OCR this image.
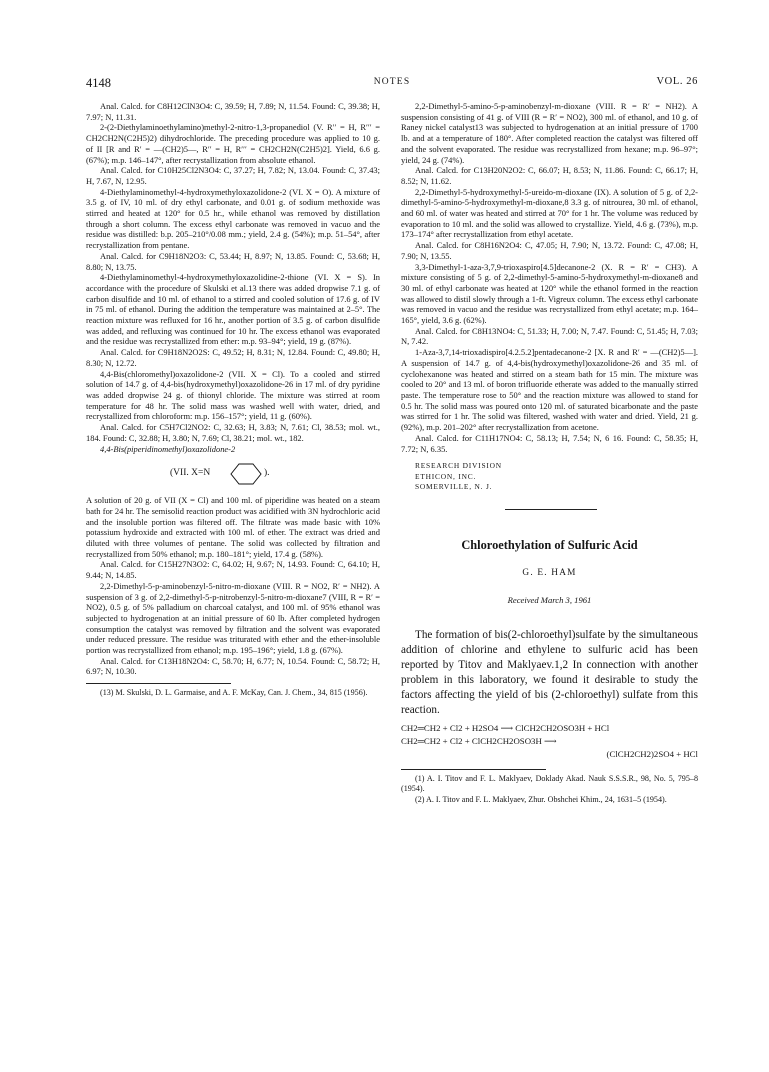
4148	NOTES	VOL. 26

Anal. Calcd. for C8H12ClN3O4: C, 39.59; H, 7.89; N, 11.54. Found: C, 39.38; H, 7.97; N, 11.31.

2-(2-Diethylaminoethylamino)methyl-2-nitro-1,3-propanediol (V. R′′ = H, R′′′ = CH2CH2N(C2H5)2) dihydrochloride. The preceding procedure was applied to 10 g. of II [R and R′ = —(CH2)5—, R′′ = H, R′′′ = CH2CH2N(C2H5)2]. Yield, 6.6 g. (67%); m.p. 146–147°, after recrystallization from absolute ethanol.

Anal. Calcd. for C10H25Cl2N3O4: C, 37.27; H, 7.82; N, 13.04. Found: C, 37.43; H, 7.67, N, 12.95.

4-Diethylaminomethyl-4-hydroxymethyloxazolidone-2 (VI. X = O). A mixture of 3.5 g. of IV, 10 ml. of dry ethyl carbonate, and 0.01 g. of sodium methoxide was stirred and heated at 120° for 0.5 hr., while ethanol was removed by distillation through a short column. The excess ethyl carbonate was removed in vacuo and the residue was distilled: b.p. 205–210°/0.08 mm.; yield, 2.4 g. (54%); m.p. 51–54°, after recrystallization from pentane.

Anal. Calcd. for C9H18N2O3: C, 53.44; H, 8.97; N, 13.85. Found: C, 53.68; H, 8.80; N, 13.75.

4-Diethylaminomethyl-4-hydroxymethyloxazolidine-2-thione (VI. X = S). In accordance with the procedure of Skulski et al.13 there was added dropwise 7.1 g. of carbon disulfide and 10 ml. of ethanol to a stirred and cooled solution of 17.6 g. of IV in 75 ml. of ethanol. During the addition the temperature was maintained at 2–5°. The reaction mixture was refluxed for 16 hr., another portion of 3.5 g. of carbon disulfide was added, and refluxing was continued for 10 hr. The excess ethanol was evaporated and the residue was recrystallized from ether: m.p. 93–94°; yield, 19 g. (87%).

Anal. Calcd. for C9H18N2O2S: C, 49.52; H, 8.31; N, 12.84. Found: C, 49.80; H, 8.30; N, 12.72.

4,4-Bis(chloromethyl)oxazolidone-2 (VII. X = Cl). To a cooled and stirred solution of 14.7 g. of 4,4-bis(hydroxymethyl)oxazolidone-26 in 17 ml. of dry pyridine was added dropwise 24 g. of thionyl chloride. The mixture was stirred at room temperature for 48 hr. The solid mass was washed well with water, dried, and recrystallized from chloroform: m.p. 156–157°; yield, 11 g. (60%).

Anal. Calcd. for C5H7Cl2NO2: C, 32.63; H, 3.83; N, 7.61; Cl, 38.53; mol. wt., 184. Found: C, 32.88; H, 3.80; N, 7.69; Cl, 38.21; mol. wt., 182.

4,4-Bis(piperidinomethyl)oxazolidone-2

(VII. X=N	).

A solution of 20 g. of VII (X = Cl) and 100 ml. of piperidine was heated on a steam bath for 24 hr. The semisolid reaction product was acidified with 3N hydrochloric acid and the insoluble portion was filtered off. The filtrate was made basic with 10% potassium hydroxide and extracted with 100 ml. of ether. The extract was dried and diluted with three volumes of pentane. The solid was collected by filtration and recrystallized from 50% ethanol; m.p. 180–181°; yield, 17.4 g. (58%).

Anal. Calcd. for C15H27N3O2: C, 64.02; H, 9.67; N, 14.93. Found: C, 64.10; H, 9.44; N, 14.85.

2,2-Dimethyl-5-p-aminobenzyl-5-nitro-m-dioxane (VIII. R = NO2, R′ = NH2). A suspension of 3 g. of 2,2-dimethyl-5-p-nitrobenzyl-5-nitro-m-dioxane7 (VIII, R = R′ = NO2), 0.5 g. of 5% palladium on charcoal catalyst, and 100 ml. of 95% ethanol was subjected to hydrogenation at an initial pressure of 60 lb. After completed hydrogen consumption the catalyst was removed by filtration and the solvent was evaporated under reduced pressure. The residue was triturated with ether and the ether-insoluble portion was recrystallized from ethanol; m.p. 195–196°; yield, 1.8 g. (67%).

Anal. Calcd. for C13H18N2O4: C, 58.70; H, 6.77; N, 10.54. Found: C, 58.72; H, 6.97; N, 10.30.

(13) M. Skulski, D. L. Garmaise, and A. F. McKay, Can. J. Chem., 34, 815 (1956).

2,2-Dimethyl-5-amino-5-p-aminobenzyl-m-dioxane (VIII. R = R′ = NH2). A suspension consisting of 41 g. of VIII (R = R′ = NO2), 300 ml. of ethanol, and 10 g. of Raney nickel catalyst13 was subjected to hydrogenation at an initial pressure of 1700 lb. and at a temperature of 180°. After completed reaction the catalyst was filtered off and the solvent evaporated. The residue was recrystallized from hexane; m.p. 96–97°; yield, 24 g. (74%).

Anal. Calcd. for C13H20N2O2: C, 66.07; H, 8.53; N, 11.86. Found: C, 66.17; H, 8.52; N, 11.62.

2,2-Dimethyl-5-hydroxymethyl-5-ureido-m-dioxane (IX). A solution of 5 g. of 2,2-dimethyl-5-amino-5-hydroxymethyl-m-dioxane,8 3.3 g. of nitrourea, 30 ml. of ethanol, and 60 ml. of water was heated and stirred at 70° for 1 hr. The volume was reduced by evaporation to 10 ml. and the solid was allowed to crystallize. Yield, 4.6 g. (73%), m.p. 173–174° after recrystallization from ethyl acetate.

Anal. Calcd. for C8H16N2O4: C, 47.05; H, 7.90; N, 13.72. Found: C, 47.08; H, 7.90; N, 13.55.

3,3-Dimethyl-1-aza-3,7,9-trioxaspiro[4.5]decanone-2 (X. R = R′ = CH3). A mixture consisting of 5 g. of 2,2-dimethyl-5-amino-5-hydroxymethyl-m-dioxane8 and 30 ml. of ethyl carbonate was heated at 120° while the ethanol formed in the reaction was allowed to distil slowly through a 1-ft. Vigreux column. The excess ethyl carbonate was removed in vacuo and the residue was recrystallized from ethyl acetate; m.p. 164–165°, yield, 3.6 g. (62%).

Anal. Calcd. for C8H13NO4: C, 51.33; H, 7.00; N, 7.47. Found: C, 51.45; H, 7.03; N, 7.42.

1-Aza-3,7,14-trioxadispiro[4.2.5.2]pentadecanone-2 [X. R and R′ = —(CH2)5—]. A suspension of 14.7 g. of 4,4-bis(hydroxymethyl)oxazolidone-26 and 35 ml. of cyclohexanone was heated and stirred on a steam bath for 15 min. The mixture was cooled to 20° and 13 ml. of boron trifluoride etherate was added to the manually stirred paste. The temperature rose to 50° and the reaction mixture was allowed to stand for 0.5 hr. The solid mass was poured onto 120 ml. of saturated bicarbonate and the paste was stirred for 1 hr. The solid was filtered, washed with water and dried. Yield, 21 g. (92%), m.p. 201–202° after recrystallization from acetone.

Anal. Calcd. for C11H17NO4: C, 58.13; H, 7.54; N, 6 16. Found: C, 58.35; H, 7.72; N, 6.35.

RESEARCH DIVISION
ETHICON, INC.
SOMERVILLE, N. J.
Chloroethylation of Sulfuric Acid
G. E. HAM
Received March 3, 1961

The formation of bis(2-chloroethyl)sulfate by the simultaneous addition of chlorine and ethylene to sulfuric acid has been reported by Titov and Maklyaev.1,2 In connection with another problem in this laboratory, we found it desirable to study the factors affecting the yield of bis (2-chloroethyl) sulfate from this reaction.

CH2═CH2 + Cl2 + H2SO4 ⟶ ClCH2CH2OSO3H + HCl
CH2═CH2 + Cl2 + ClCH2CH2OSO3H ⟶
(ClCH2CH2)2SO4 + HCl
(1) A. I. Titov and F. L. Maklyaev, Doklady Akad. Nauk S.S.S.R., 98, No. 5, 795–8 (1954).
(2) A. I. Titov and F. L. Maklyaev, Zhur. Obshchei Khim., 24, 1631–5 (1954).
